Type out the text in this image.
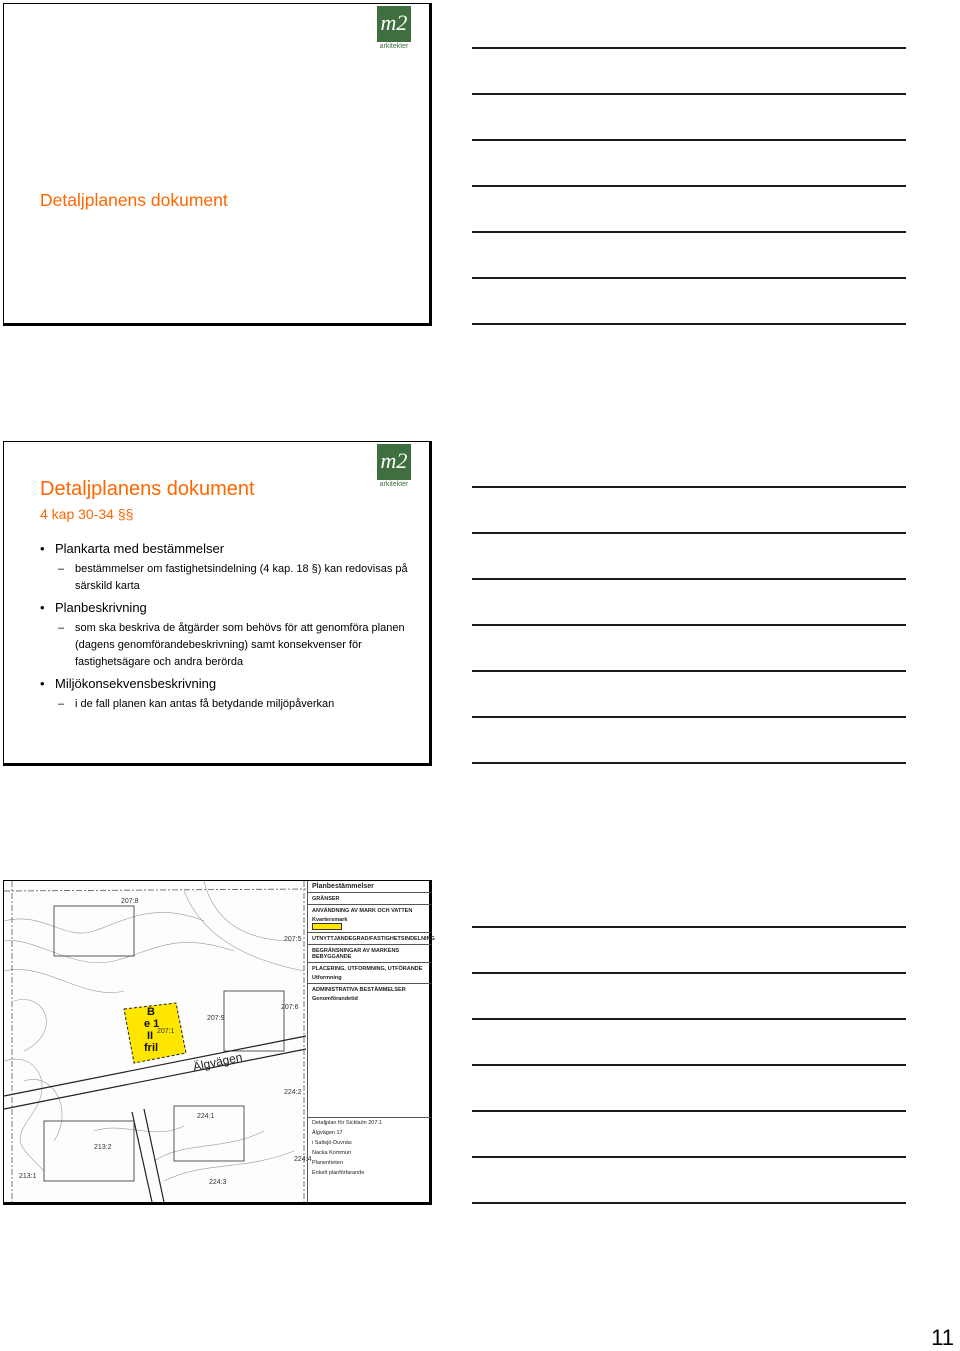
m2
arkitekter
Detaljplanens dokument
m2
arkitekter
Detaljplanens dokument
4 kap 30-34 §§
• Plankarta med bestämmelser
– bestämmelser om fastighetsindelning (4 kap. 18 §) kan redovisas på särskild karta
• Planbeskrivning
– som ska beskriva de åtgärder som behövs för att genomföra planen (dagens genomförandebeskrivning) samt konsekvenser för fastighetsägare och andra berörda
• Miljökonsekvensbeskrivning
– i de fall planen kan antas få betydande miljöpåverkan
207:8
207:5
207:6
207:9
207:1
224:2
224:1
213:2
213:1
224:4
224:3
Älgvägen
B
e 1
II
fril
Planbestämmelser
GRÄNSER
ANVÄNDNING AV MARK OCH VATTEN
Kvartersmark
UTNYTTJANDEGRAD/FASTIGHETSINDELNING
BEGRÄNSNINGAR AV MARKENS BEBYGGANDE
PLACERING, UTFORMNING, UTFÖRANDE
Utformning
ADMINISTRATIVA BESTÄMMELSER
Genomförandetid
Detaljplan för Sicklaön 207:1
Älgvägen 17
i Saltsjö-Duvnäs
Nacka Kommun
Planenheten
Enkelt planförfarande
11
